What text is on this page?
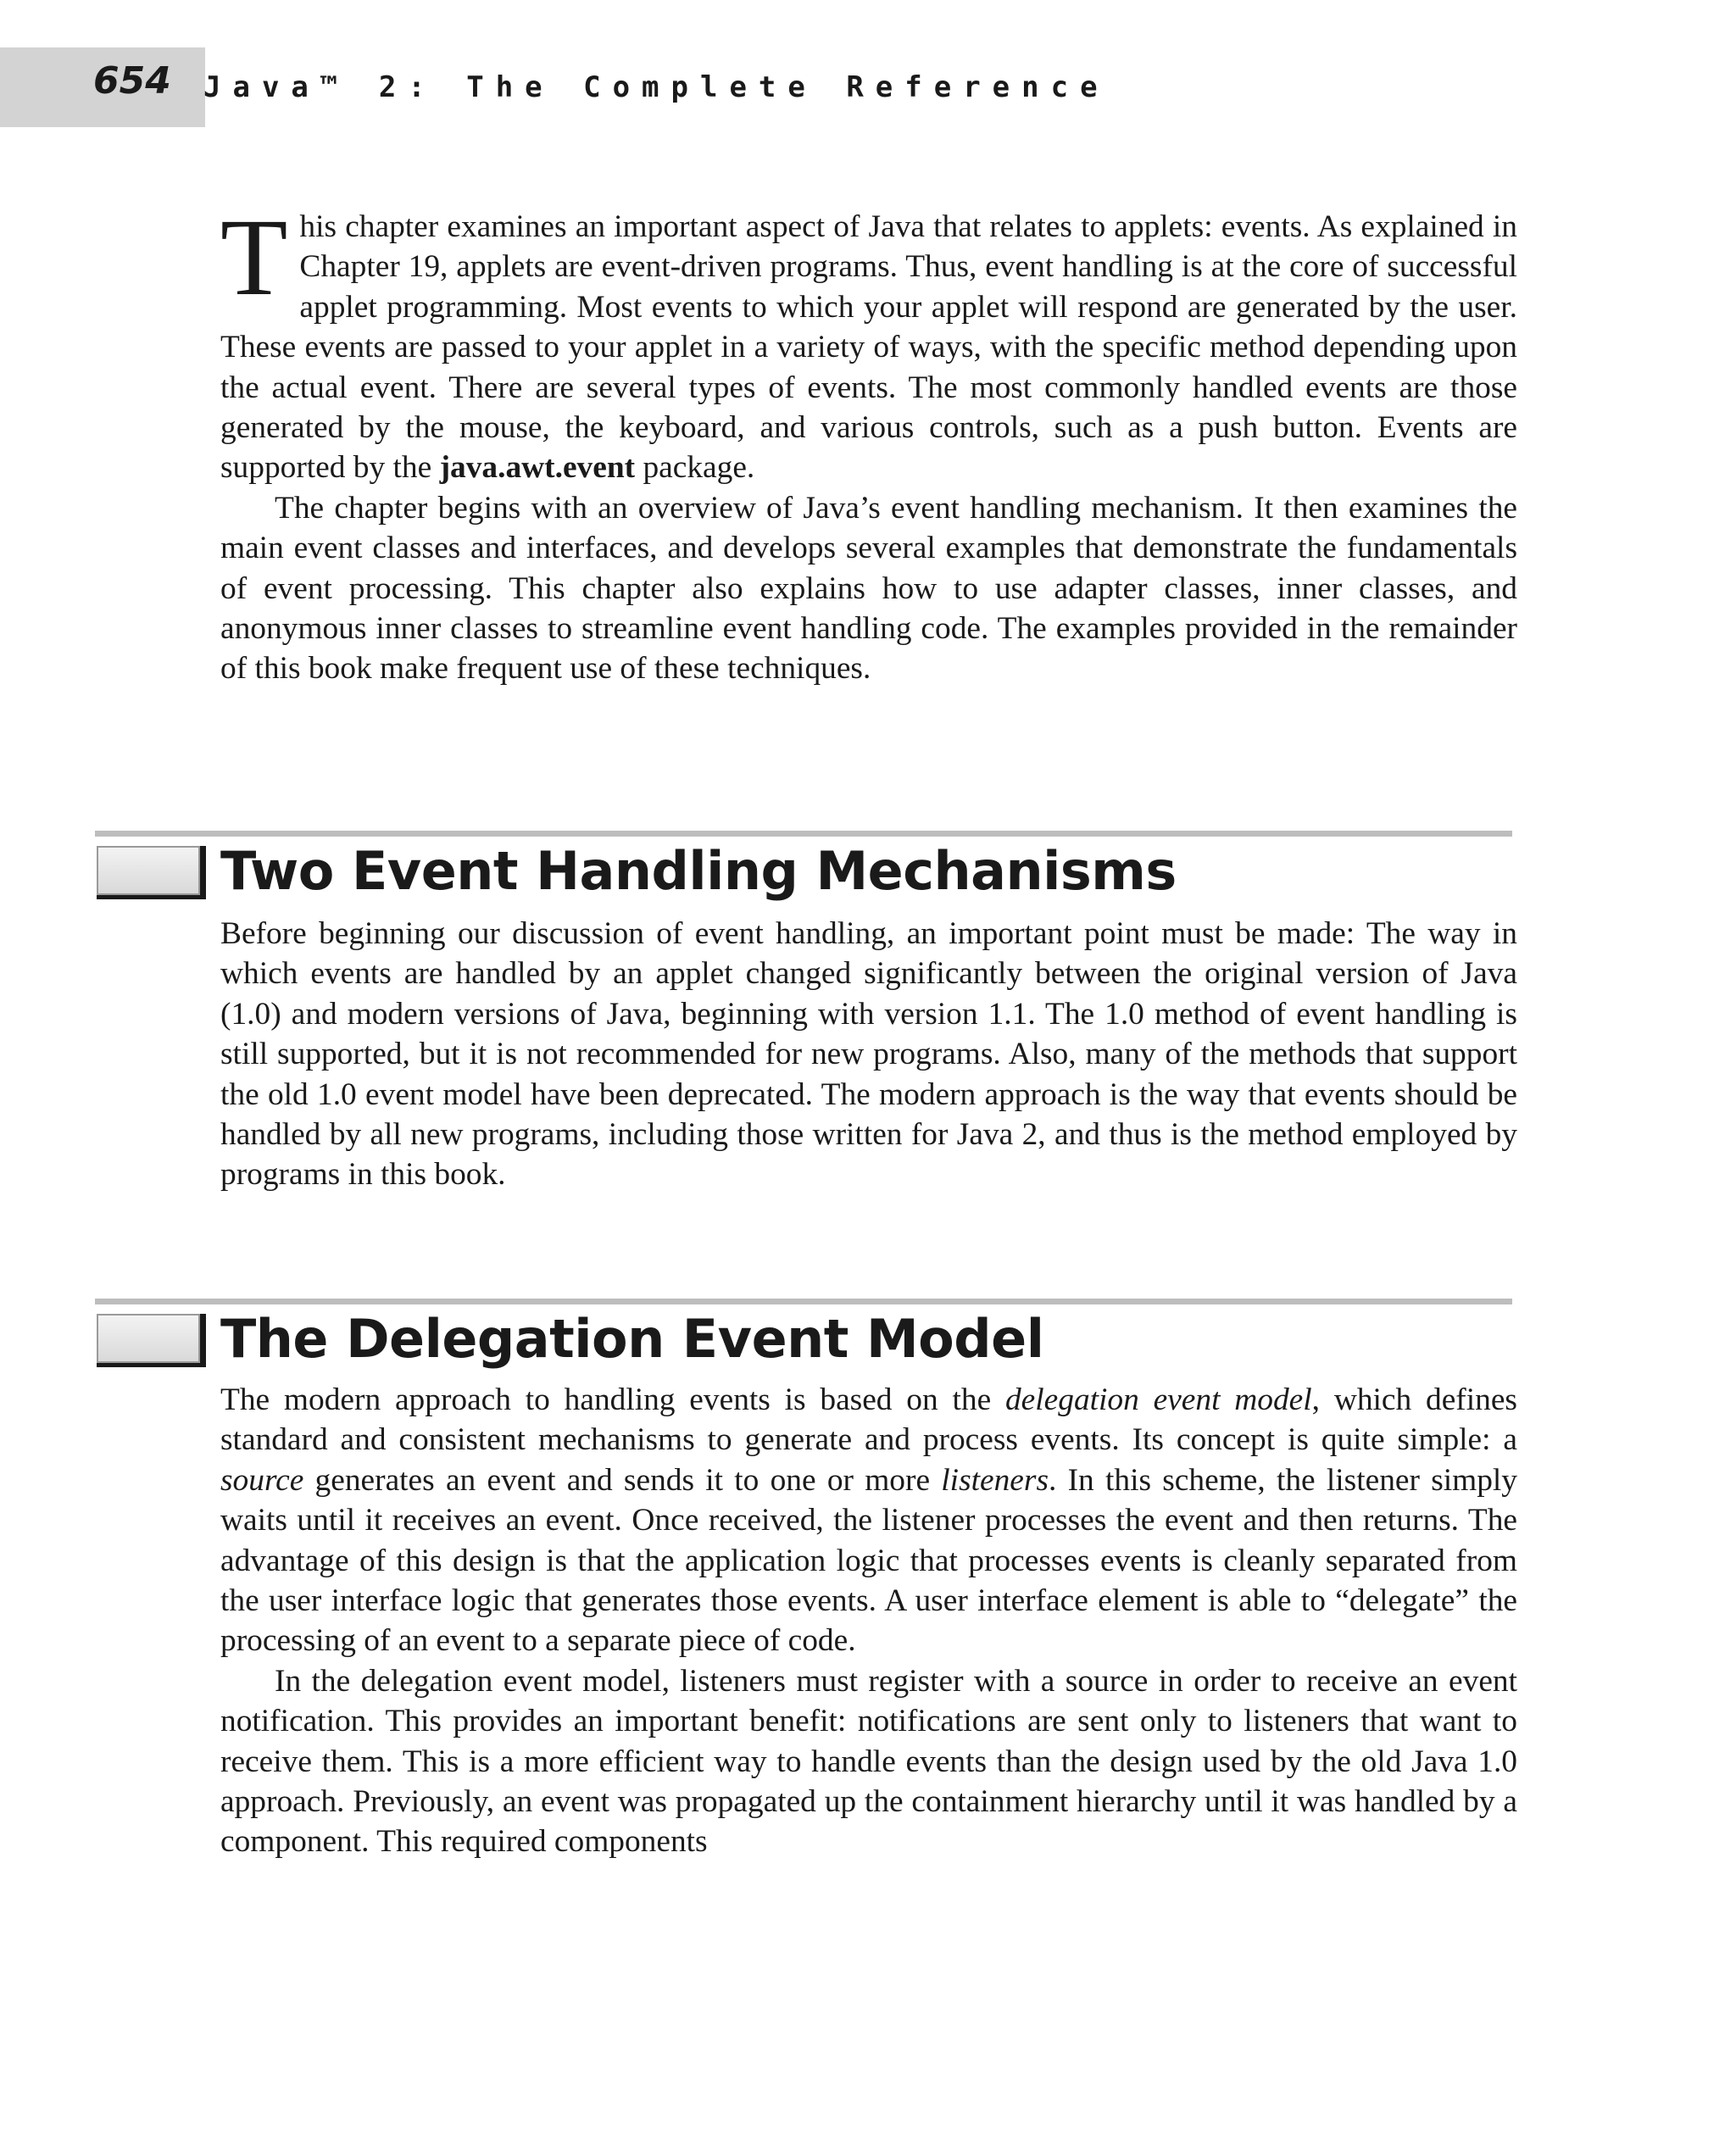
654 Java™ 2: The Complete Reference

This chapter examines an important aspect of Java that relates to applets: events. As explained in Chapter 19, applets are event-driven programs. Thus, event handling is at the core of successful applet programming. Most events to which your applet will respond are generated by the user. These events are passed to your applet in a variety of ways, with the specific method depending upon the actual event. There are several types of events. The most commonly handled events are those generated by the mouse, the keyboard, and various controls, such as a push button. Events are supported by the java.awt.event package.

The chapter begins with an overview of Java’s event handling mechanism. It then examines the main event classes and interfaces, and develops several examples that demonstrate the fundamentals of event processing. This chapter also explains how to use adapter classes, inner classes, and anonymous inner classes to streamline event handling code. The examples provided in the remainder of this book make frequent use of these techniques.

Two Event Handling Mechanisms

Before beginning our discussion of event handling, an important point must be made: The way in which events are handled by an applet changed significantly between the original version of Java (1.0) and modern versions of Java, beginning with version 1.1. The 1.0 method of event handling is still supported, but it is not recommended for new programs. Also, many of the methods that support the old 1.0 event model have been deprecated. The modern approach is the way that events should be handled by all new programs, including those written for Java 2, and thus is the method employed by programs in this book.

The Delegation Event Model

The modern approach to handling events is based on the delegation event model, which defines standard and consistent mechanisms to generate and process events. Its concept is quite simple: a source generates an event and sends it to one or more listeners. In this scheme, the listener simply waits until it receives an event. Once received, the listener processes the event and then returns. The advantage of this design is that the application logic that processes events is cleanly separated from the user interface logic that generates those events. A user interface element is able to “delegate” the processing of an event to a separate piece of code.

In the delegation event model, listeners must register with a source in order to receive an event notification. This provides an important benefit: notifications are sent only to listeners that want to receive them. This is a more efficient way to handle events than the design used by the old Java 1.0 approach. Previously, an event was propagated up the containment hierarchy until it was handled by a component. This required components
